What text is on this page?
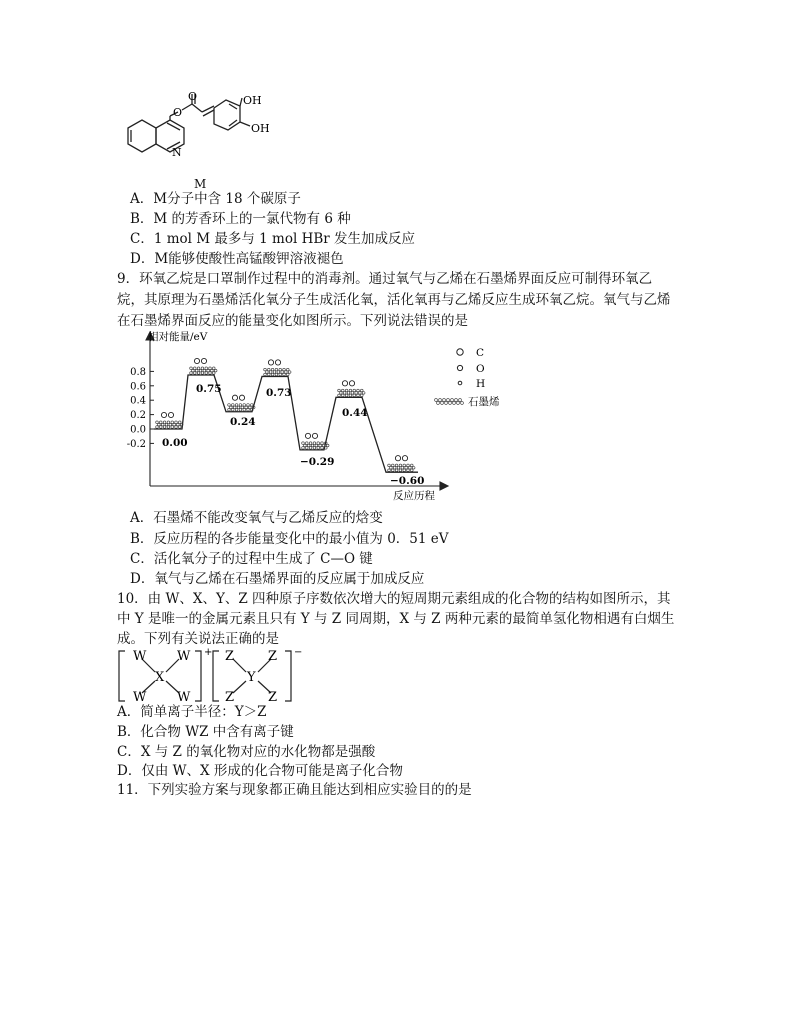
O
O
N
OH
OH
M
A．M分子中含 18 个碳原子
B．M 的芳香环上的一氯代物有 6 种
C．1 mol M 最多与 1 mol HBr 发生加成反应
D．M能够使酸性高锰酸钾溶液褪色
9．环氧乙烷是口罩制作过程中的消毒剂。通过氧气与乙烯在石墨烯界面反应可制得环氧乙
烷，其原理为石墨烯活化氧分子生成活化氧，活化氧再与乙烯反应生成环氧乙烷。氧气与乙烯
在石墨烯界面反应的能量变化如图所示。下列说法错误的是
相对能量/eV
反应历程
0.8
0.6
0.4
0.2
0.0
-0.2 0.00
0.75
0.24
0.73
−0.29
0.44
−0.60
C
O
H
石墨烯
A．石墨烯不能改变氧气与乙烯反应的焓变
B．反应历程的各步能量变化中的最小值为 0．51 eV
C．活化氧分子的过程中生成了 C—O 键
D．氧气与乙烯在石墨烯界面的反应属于加成反应
10．由 W、X、Y、Z 四种原子序数依次增大的短周期元素组成的化合物的结构如图所示，其
中 Y 是唯一的金属元素且只有 Y 与 Z 同周期，X 与 Z 两种元素的最简单氢化物相遇有白烟生
成。下列有关说法正确的是
W W
X
W W
+ Z	Z
Y
Z	Z
−
A．简单离子半径：Y＞Z
B．化合物 WZ 中含有离子键
C．X 与 Z 的氧化物对应的水化物都是强酸
D．仅由 W、X 形成的化合物可能是离子化合物
11．下列实验方案与现象都正确且能达到相应实验目的的是
